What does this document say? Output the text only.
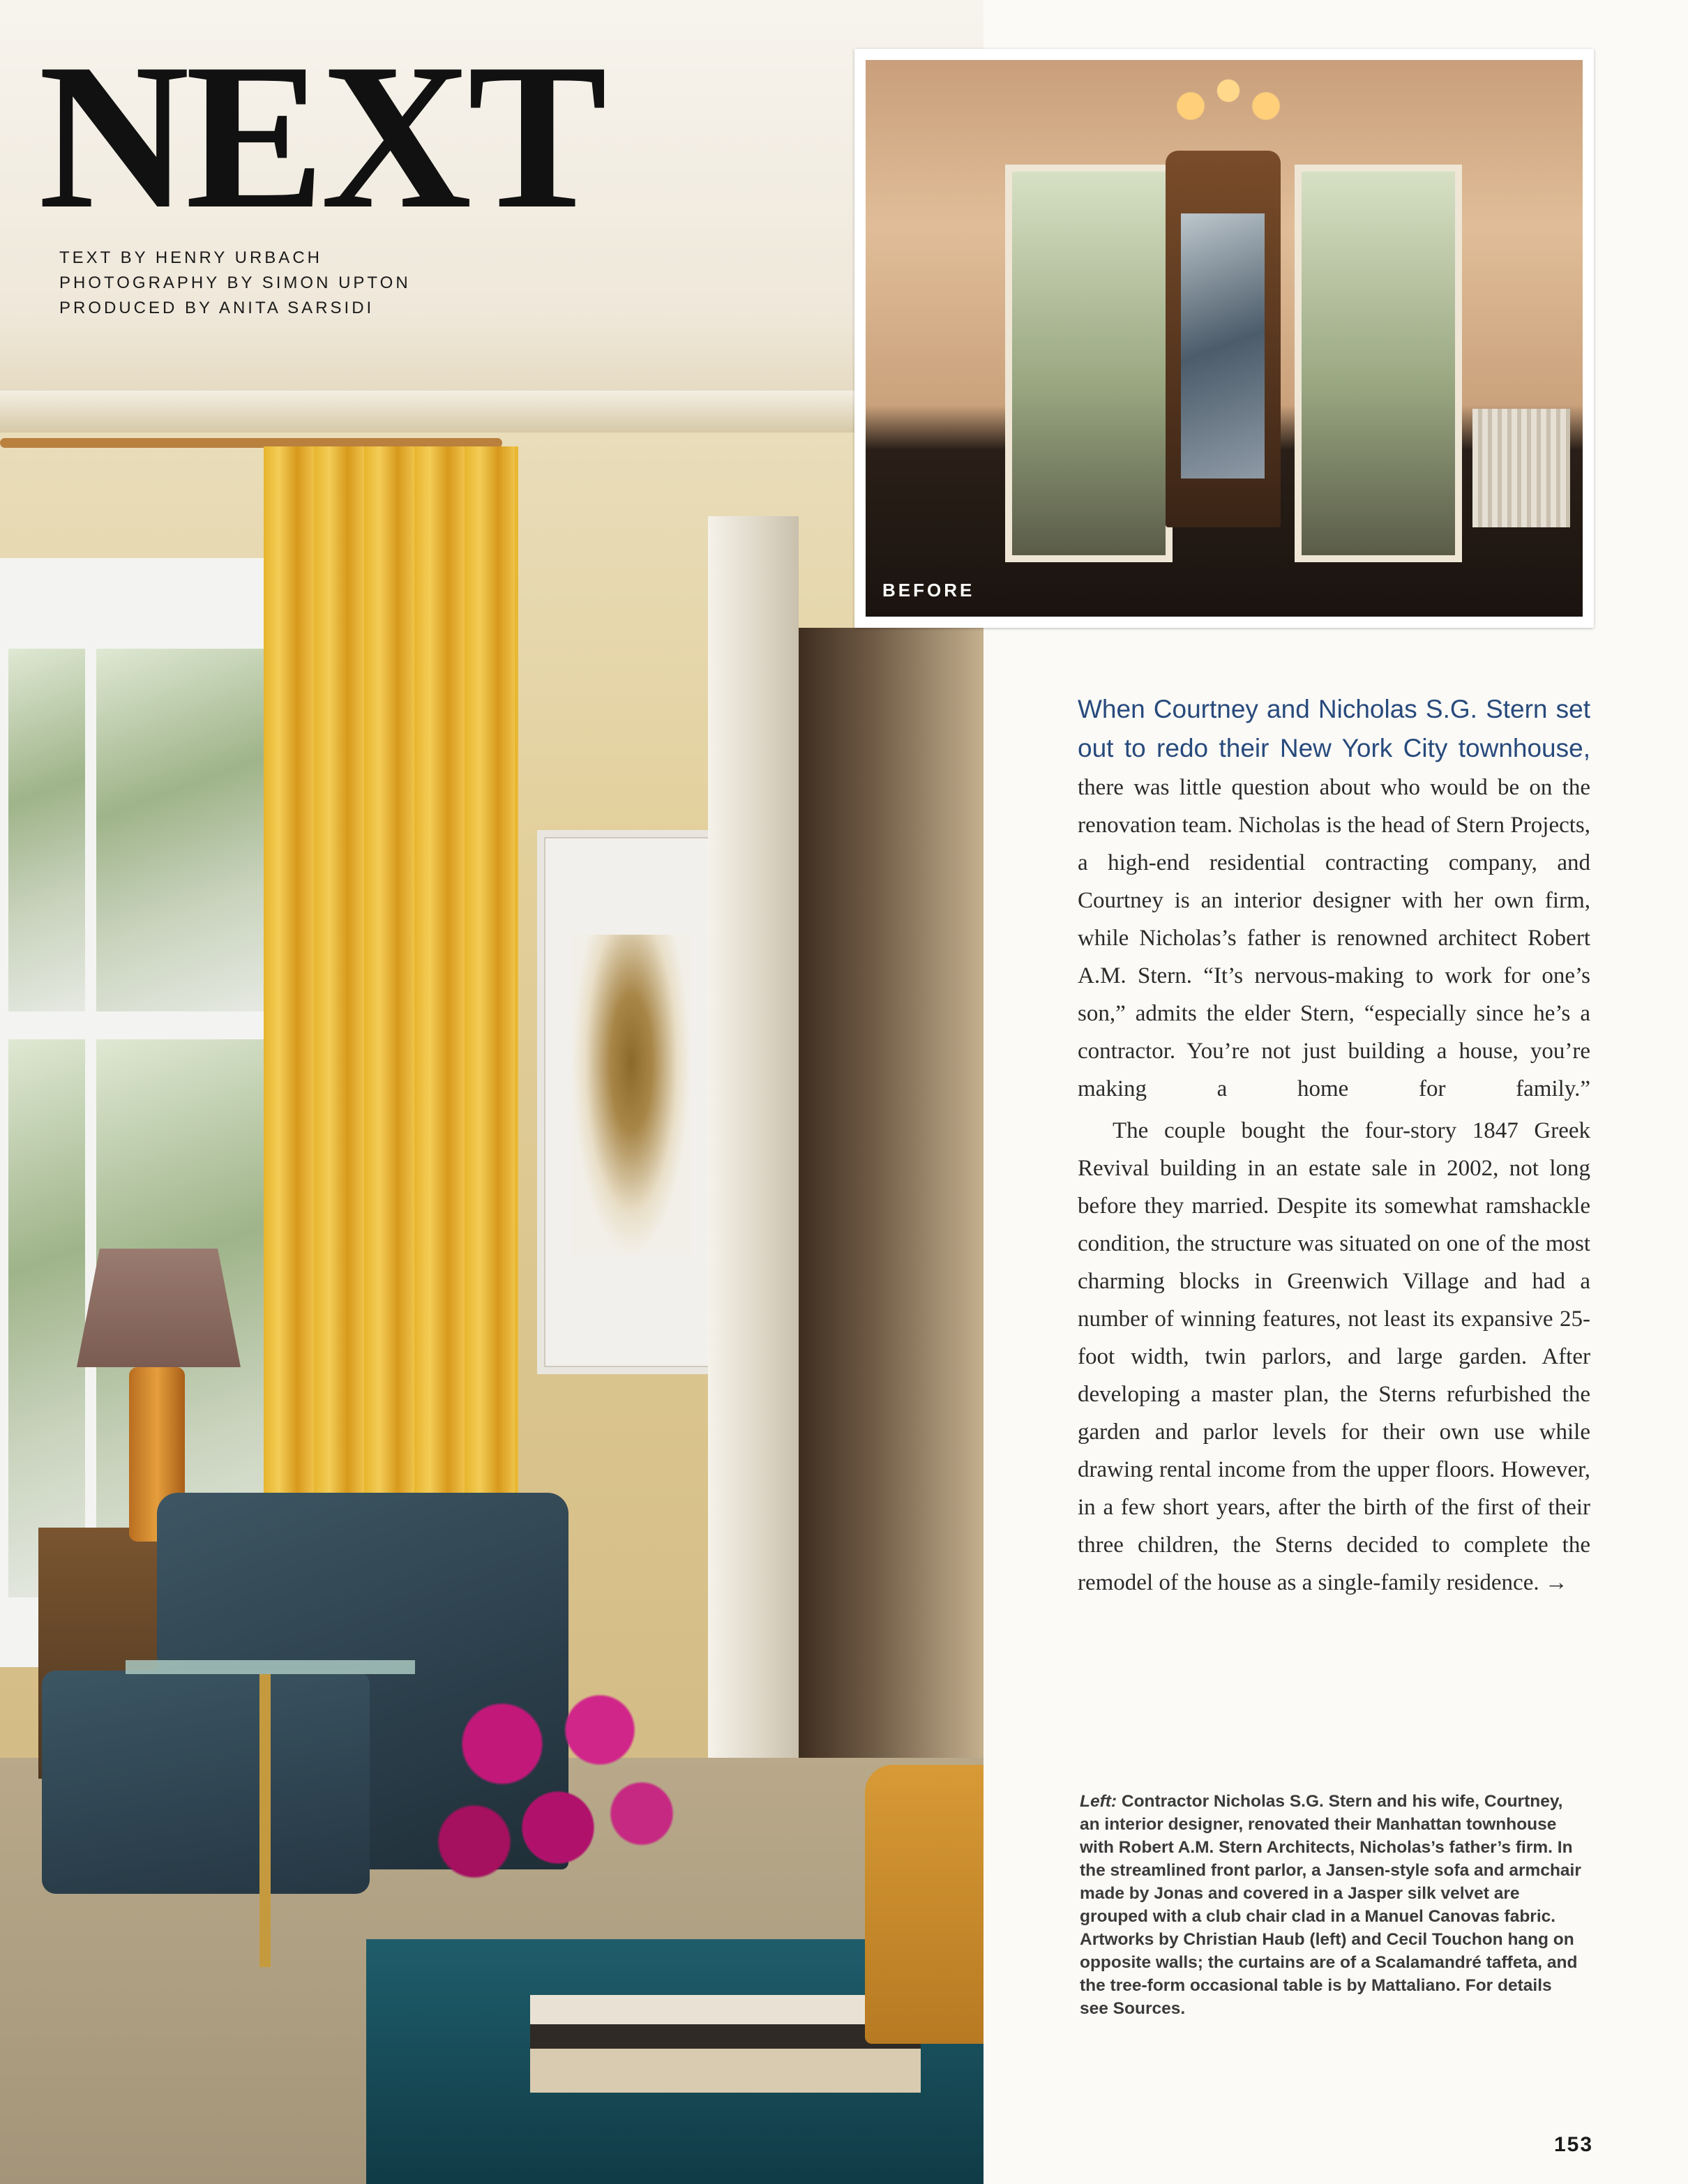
NEXT
TEXT BY HENRY URBACH
PHOTOGRAPHY BY SIMON UPTON
PRODUCED BY ANITA SARSIDI
BEFORE

When Courtney and Nicholas S.G. Stern set out to redo their New York City townhouse, there was little question about who would be on the renovation team. Nicholas is the head of Stern Projects, a high-end residential contracting company, and Courtney is an interior designer with her own firm, while Nicholas’s father is renowned architect Robert A.M. Stern. “It’s nervous-making to work for one’s son,” admits the elder Stern, “especially since he’s a contractor. You’re not just building a house, you’re making a home for family.”

The couple bought the four-story 1847 Greek Revival building in an estate sale in 2002, not long before they married. Despite its somewhat ramshackle condition, the structure was situated on one of the most charming blocks in Greenwich Village and had a number of winning features, not least its expansive 25-foot width, twin parlors, and large garden. After developing a master plan, the Sterns refurbished the garden and parlor levels for their own use while drawing rental income from the upper floors. However, in a few short years, after the birth of the first of their three children, the Sterns decided to complete the remodel of the house as a single-family residence. →

Left: Contractor Nicholas S.G. Stern and his wife, Courtney, an interior designer, renovated their Manhattan townhouse with Robert A.M. Stern Architects, Nicholas’s father’s firm. In the streamlined front parlor, a Jansen-style sofa and armchair made by Jonas and covered in a Jasper silk velvet are grouped with a club chair clad in a Manuel Canovas fabric. Artworks by Christian Haub (left) and Cecil Touchon hang on opposite walls; the curtains are of a Scalamandré taffeta, and the tree-form occasional table is by Mattaliano. For details see Sources.
153
